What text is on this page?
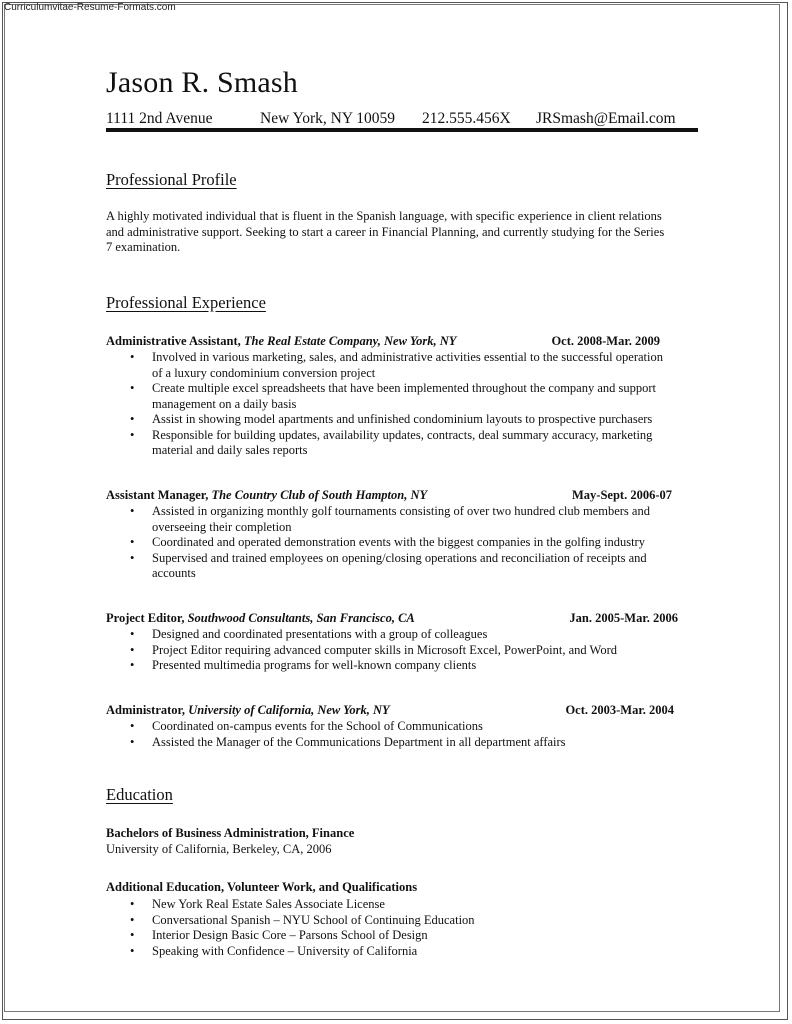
Curriculumvitae-Resume-Formats.com
Jason R. Smash
1111 2nd Avenue	New York, NY 10059 212.555.456X JRSmash@Email.com
Professional Profile
A highly motivated individual that is fluent in the Spanish language, with specific experience in client relations and administrative support. Seeking to start a career in Financial Planning, and currently studying for the Series 7 examination.
Professional Experience
Administrative Assistant, The Real Estate Company, New York, NY	Oct. 2008-Mar. 2009
• Involved in various marketing, sales, and administrative activities essential to the successful operation of a luxury condominium conversion project
• Create multiple excel spreadsheets that have been implemented throughout the company and support management on a daily basis
• Assist in showing model apartments and unfinished condominium layouts to prospective purchasers
• Responsible for building updates, availability updates, contracts, deal summary accuracy, marketing material and daily sales reports
Assistant Manager, The Country Club of South Hampton, NY	May-Sept. 2006-07
• Assisted in organizing monthly golf tournaments consisting of over two hundred club members and overseeing their completion
• Coordinated and operated demonstration events with the biggest companies in the golfing industry
• Supervised and trained employees on opening/closing operations and reconciliation of receipts and accounts
Project Editor, Southwood Consultants, San Francisco, CA	Jan. 2005-Mar. 2006
• Designed and coordinated presentations with a group of colleagues
• Project Editor requiring advanced computer skills in Microsoft Excel, PowerPoint, and Word
• Presented multimedia programs for well-known company clients
Administrator, University of California, New York, NY	Oct. 2003-Mar. 2004
• Coordinated on-campus events for the School of Communications
• Assisted the Manager of the Communications Department in all department affairs
Education
Bachelors of Business Administration, Finance
University of California, Berkeley, CA, 2006
Additional Education, Volunteer Work, and Qualifications
• New York Real Estate Sales Associate License
• Conversational Spanish – NYU School of Continuing Education
• Interior Design Basic Core – Parsons School of Design
• Speaking with Confidence – University of California
